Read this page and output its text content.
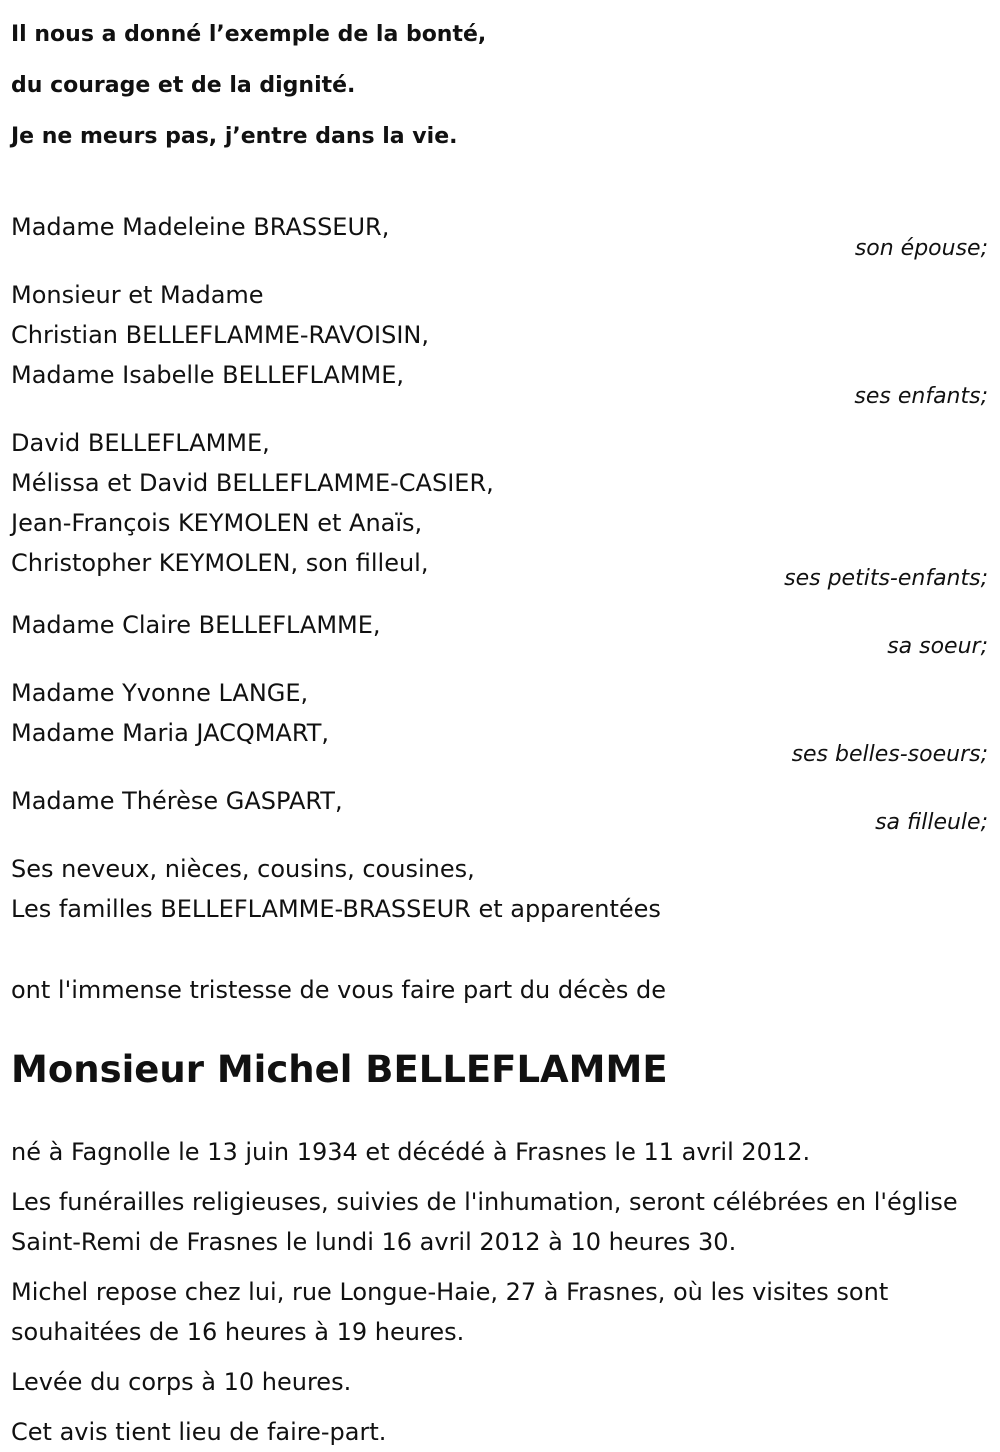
Il nous a donné l’exemple de la bonté,
du courage et de la dignité.
Je ne meurs pas, j’entre dans la vie.
Madame Madeleine BRASSEUR,
son épouse;
Monsieur et Madame
Christian BELLEFLAMME-RAVOISIN,
Madame Isabelle BELLEFLAMME,
ses enfants;
David BELLEFLAMME,
Mélissa et David BELLEFLAMME-CASIER,
Jean-François KEYMOLEN et Anaïs,
Christopher KEYMOLEN, son filleul,
ses petits-enfants;
Madame Claire BELLEFLAMME,
sa soeur;
Madame Yvonne LANGE,
Madame Maria JACQMART,
ses belles-soeurs;
Madame Thérèse GASPART,
sa filleule;
Ses neveux, nièces, cousins, cousines,
Les familles BELLEFLAMME-BRASSEUR et apparentées
ont l'immense tristesse de vous faire part du décès de
Monsieur Michel BELLEFLAMME
né à Fagnolle le 13 juin 1934 et décédé à Frasnes le 11 avril 2012.
Les funérailles religieuses, suivies de l'inhumation, seront célébrées en l'église Saint-Remi de Frasnes le lundi 16 avril 2012 à 10 heures 30.
Michel repose chez lui, rue Longue-Haie, 27 à Frasnes, où les visites sont souhaitées de 16 heures à 19 heures.
Levée du corps à 10 heures.
Cet avis tient lieu de faire-part.
